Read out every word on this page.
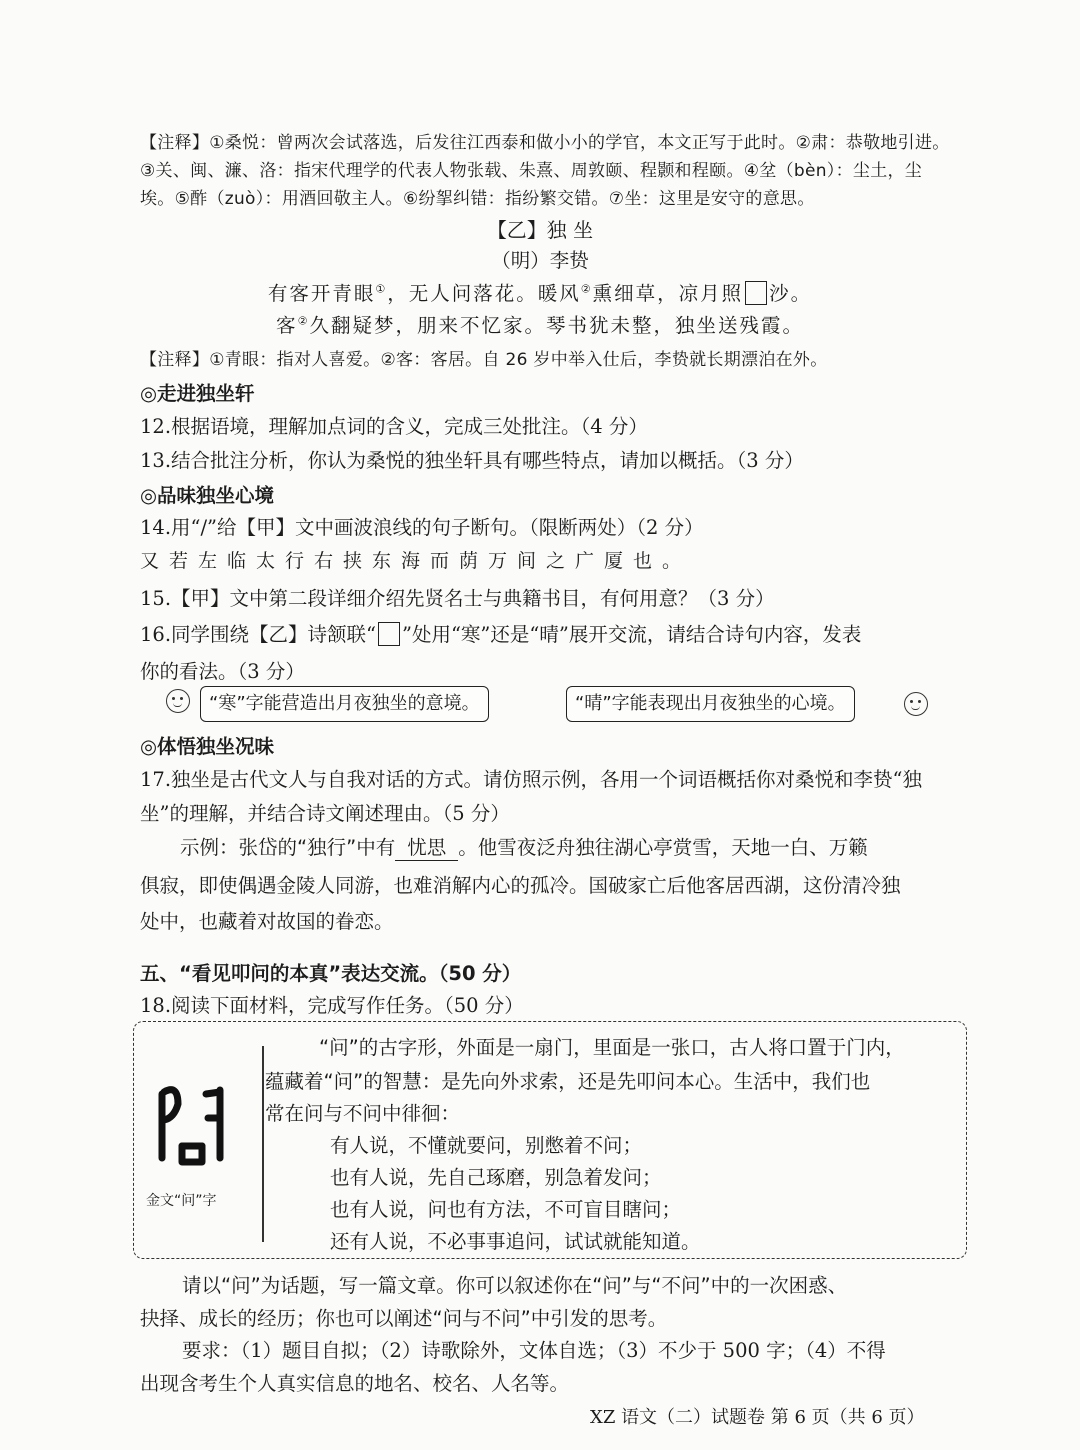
【注释】①桑悦：曾两次会试落选，后发往江西泰和做小小的学官，本文正写于此时。②肃：恭敬地引进。
③关、闽、濂、洛：指宋代理学的代表人物张载、朱熹、周敦颐、程颢和程颐。④坌（bèn）：尘土，尘
埃。⑤酢（zuò）：用酒回敬主人。⑥纷挐纠错：指纷繁交错。⑦坐：这里是安守的意思。
【乙】独 坐
（明）李贽
有客开青眼①，无人问落花。暖风②熏细草，凉月照 沙。
客②久翻疑梦，朋来不忆家。琴书犹未整，独坐送残霞。
【注释】①青眼：指对人喜爱。②客：客居。自 26 岁中举入仕后，李贽就长期漂泊在外。
◎走进独坐轩
12.根据语境，理解加点词的含义，完成三处批注。（4 分）
13.结合批注分析，你认为桑悦的独坐轩具有哪些特点，请加以概括。（3 分）
◎品味独坐心境
14.用“/”给【甲】文中画波浪线的句子断句。（限断两处）（2 分）
又若左临太行右挟东海而荫万间之广厦也。
15.【甲】文中第二段详细介绍先贤名士与典籍书目，有何用意？（3 分）
16.同学围绕【乙】诗颔联“ ”处用“寒”还是“晴”展开交流，请结合诗句内容，发表
你的看法。（3 分）
“寒”字能营造出月夜独坐的意境。	“晴”字能表现出月夜独坐的心境。
◎体悟独坐况味
17.独坐是古代文人与自我对话的方式。请仿照示例，各用一个词语概括你对桑悦和李贽“独
坐”的理解，并结合诗文阐述理由。（5 分）
示例：张岱的“独行”中有 忧思 。他雪夜泛舟独往湖心亭赏雪，天地一白、万籁
俱寂，即使偶遇金陵人同游，也难消解内心的孤冷。国破家亡后他客居西湖，这份清冷独
处中，也藏着对故国的眷恋。
五、“看见叩问的本真”表达交流。（50 分）
18.阅读下面材料，完成写作任务。（50 分）
金文“问”字
“问”的古字形，外面是一扇门，里面是一张口，古人将口置于门内，
蕴藏着“问”的智慧：是先向外求索，还是先叩问本心。生活中，我们也
常在问与不问中徘徊：
有人说，不懂就要问，别憋着不问；
也有人说，先自己琢磨，别急着发问；
也有人说，问也有方法，不可盲目瞎问；
还有人说，不必事事追问，试试就能知道。
请以“问”为话题，写一篇文章。你可以叙述你在“问”与“不问”中的一次困惑、
抉择、成长的经历；你也可以阐述“问与不问”中引发的思考。
要求：（1）题目自拟；（2）诗歌除外，文体自选；（3）不少于 500 字；（4）不得
出现含考生个人真实信息的地名、校名、人名等。
XZ 语文（二）试题卷 第 6 页（共 6 页）
